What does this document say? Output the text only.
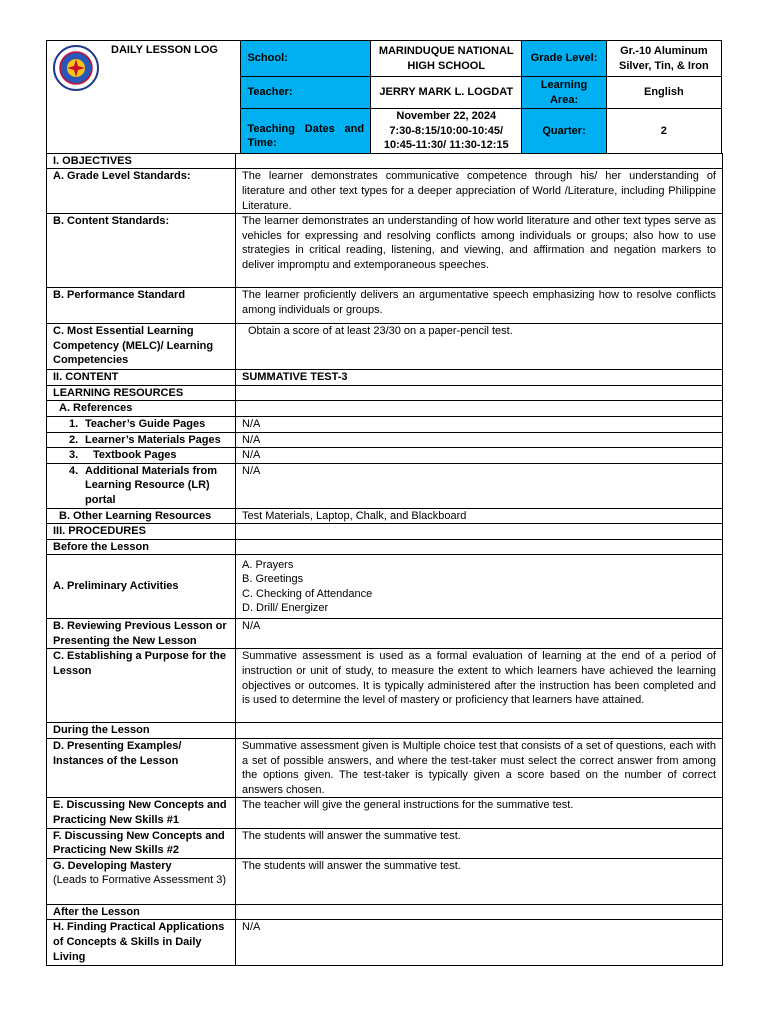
DAILY LESSON LOG	School:	MARINDUQUE NATIONAL HIGH SCHOOL	Grade Level:	Gr.-10 Aluminum Silver, Tin, & Iron
	Teacher:	JERRY MARK L. LOGDAT	Learning Area:	English

	Teaching Dates and Time:	November 22, 2024
7:30-8:15/10:00-10:45/
10:45-11:30/ 11:30-12:15	Quarter:	2
I. OBJECTIVES	
A. Grade Level Standards:	The learner demonstrates communicative competence through his/ her understanding of literature and other text types for a deeper appreciation of World /Literature, including Philippine Literature.
B. Content Standards:	The learner demonstrates an understanding of how world literature and other text types serve as vehicles for expressing and resolving conflicts among individuals or groups; also how to use strategies in critical reading, listening, and viewing, and affirmation and negation markers to deliver impromptu and extemporaneous speeches.
B. Performance Standard	The learner proficiently delivers an argumentative speech emphasizing how to resolve conflicts among individuals or groups.
C. Most Essential Learning Competency (MELC)/ Learning Competencies	Obtain a score of at least 23/30 on a paper-pencil test.
II. CONTENT	SUMMATIVE TEST-3
LEARNING RESOURCES	
A. References	
1. Teacher’s Guide Pages	N/A

2. Learner’s Materials Pages	N/A
3. Textbook Pages	N/A

4. Additional Materials from Learning Resource (LR) portal	N/A
B. Other Learning Resources	Test Materials, Laptop, Chalk, and Blackboard
III. PROCEDURES	
Before the Lesson	
A. Preliminary Activities	A. Prayers
B. Greetings
C. Checking of Attendance
D. Drill/ Energizer

B. Reviewing Previous Lesson or Presenting the New Lesson	N/A
C. Establishing a Purpose for the Lesson	Summative assessment is used as a formal evaluation of learning at the end of a period of instruction or unit of study, to measure the extent to which learners have achieved the learning objectives or outcomes. It is typically administered after the instruction has been completed and is used to determine the level of mastery or proficiency that learners have attained.
During the Lesson	
D. Presenting Examples/ Instances of the Lesson	Summative assessment given is Multiple choice test that consists of a set of questions, each with a set of possible answers, and where the test-taker must select the correct answer from among the options given. The test-taker is typically given a score based on the number of correct answers chosen.
E. Discussing New Concepts and Practicing New Skills #1	The teacher will give the general instructions for the summative test.
F. Discussing New Concepts and Practicing New Skills #2	The students will answer the summative test.

G. Developing Mastery
(Leads to Formative Assessment 3)	The students will answer the summative test.
After the Lesson	
H. Finding Practical Applications of Concepts & Skills in Daily Living	N/A
